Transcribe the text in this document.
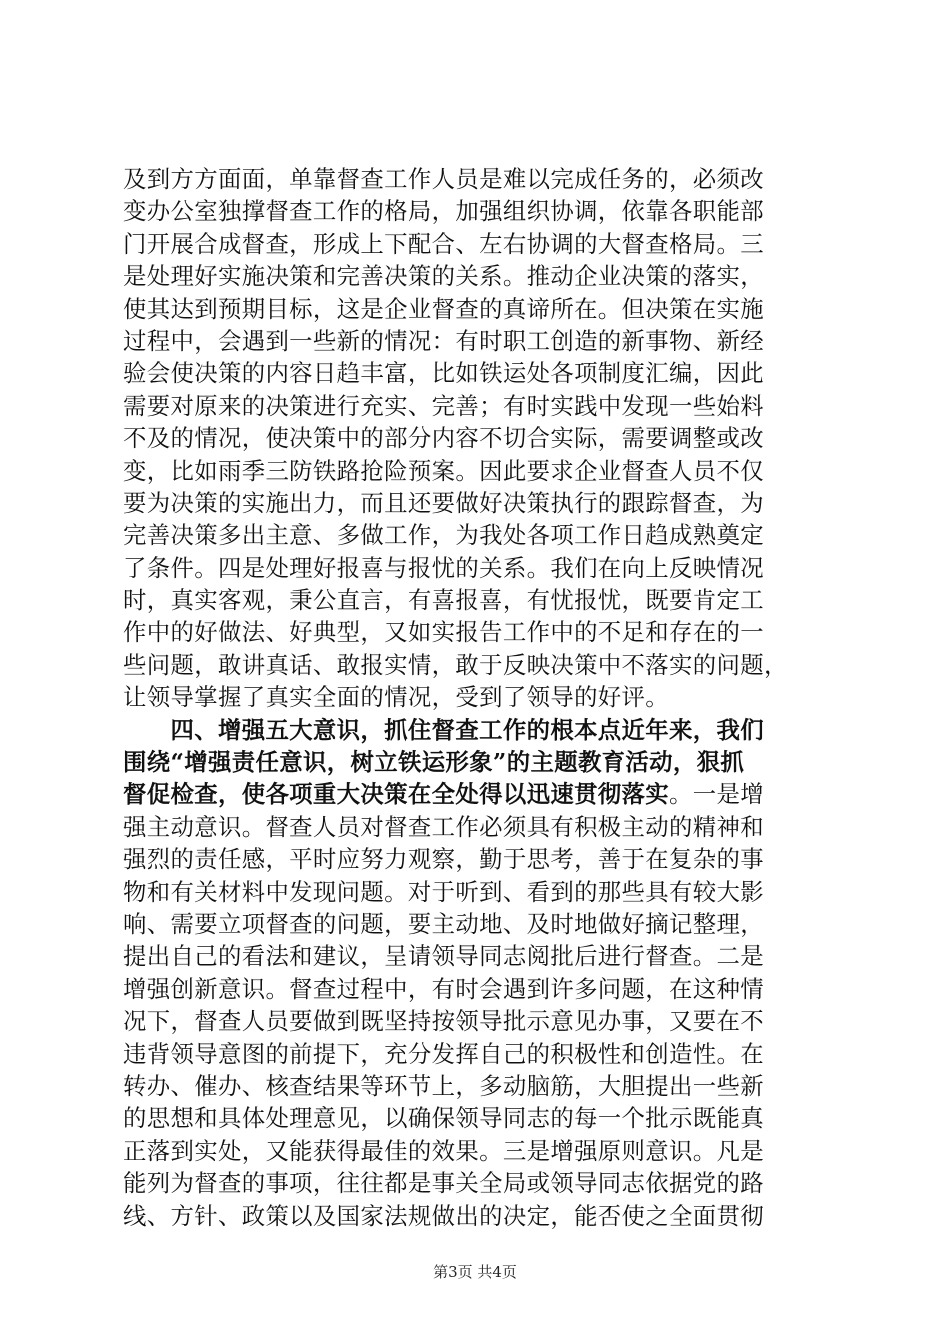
及到方方面面，单靠督查工作人员是难以完成任务的，必须改
变办公室独撑督查工作的格局，加强组织协调，依靠各职能部
门开展合成督查，形成上下配合、左右协调的大督查格局。三
是处理好实施决策和完善决策的关系。推动企业决策的落实，
使其达到预期目标，这是企业督查的真谛所在。但决策在实施
过程中，会遇到一些新的情况：有时职工创造的新事物、新经
验会使决策的内容日趋丰富，比如铁运处各项制度汇编，因此
需要对原来的决策进行充实、完善；有时实践中发现一些始料
不及的情况，使决策中的部分内容不切合实际，需要调整或改
变，比如雨季三防铁路抢险预案。因此要求企业督查人员不仅
要为决策的实施出力，而且还要做好决策执行的跟踪督查，为
完善决策多出主意、多做工作，为我处各项工作日趋成熟奠定
了条件。四是处理好报喜与报忧的关系。我们在向上反映情况
时，真实客观，秉公直言，有喜报喜，有忧报忧，既要肯定工
作中的好做法、好典型，又如实报告工作中的不足和存在的一
些问题，敢讲真话、敢报实情，敢于反映决策中不落实的问题，
让领导掌握了真实全面的情况，受到了领导的好评。
　　四、增强五大意识，抓住督查工作的根本点近年来，我们
围绕“增强责任意识，树立铁运形象”的主题教育活动，狠抓
督促检查，使各项重大决策在全处得以迅速贯彻落实。一是增
强主动意识。督查人员对督查工作必须具有积极主动的精神和
强烈的责任感，平时应努力观察，勤于思考，善于在复杂的事
物和有关材料中发现问题。对于听到、看到的那些具有较大影
响、需要立项督查的问题，要主动地、及时地做好摘记整理，
提出自己的看法和建议，呈请领导同志阅批后进行督查。二是
增强创新意识。督查过程中，有时会遇到许多问题，在这种情
况下，督查人员要做到既坚持按领导批示意见办事，又要在不
违背领导意图的前提下，充分发挥自己的积极性和创造性。在
转办、催办、核查结果等环节上，多动脑筋，大胆提出一些新
的思想和具体处理意见，以确保领导同志的每一个批示既能真
正落到实处，又能获得最佳的效果。三是增强原则意识。凡是
能列为督查的事项，往往都是事关全局或领导同志依据党的路
线、方针、政策以及国家法规做出的决定，能否使之全面贯彻
第3页 共4页
